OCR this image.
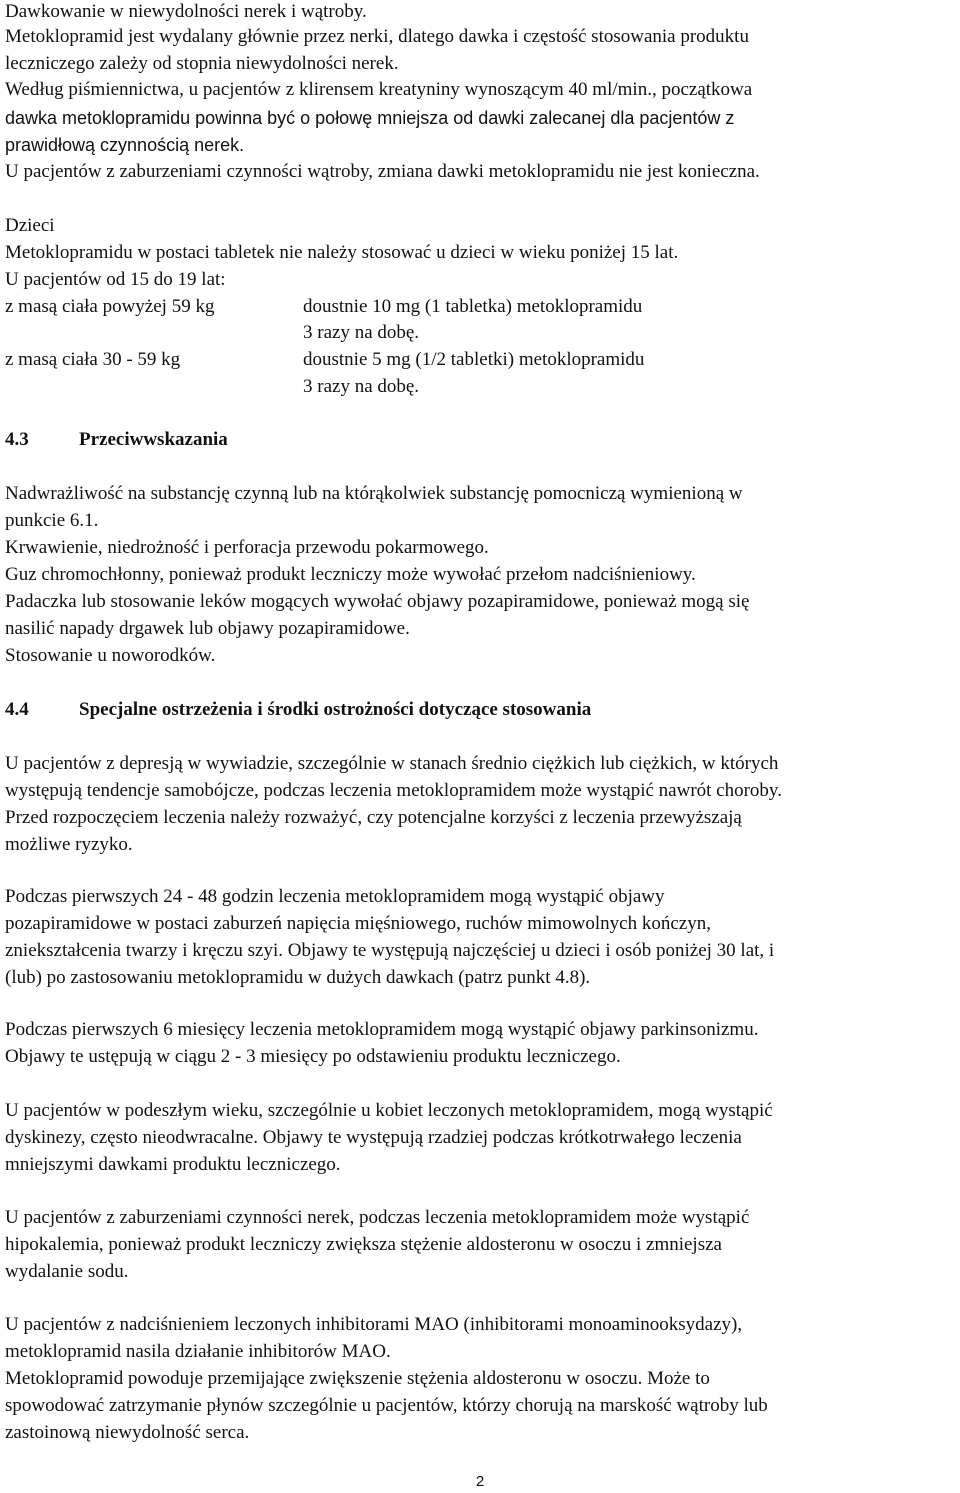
Dawkowanie w niewydolności nerek i wątroby.
Metoklopramid jest wydalany głównie przez nerki, dlatego dawka i częstość stosowania produktu
leczniczego zależy od stopnia niewydolności nerek.
Według piśmiennictwa, u pacjentów z klirensem kreatyniny wynoszącym 40 ml/min., początkowa
dawka metoklopramidu powinna być o połowę mniejsza od dawki zalecanej dla pacjentów z
prawidłową czynnością nerek.
U pacjentów z zaburzeniami czynności wątroby, zmiana dawki metoklopramidu nie jest konieczna.
Dzieci
Metoklopramidu w postaci tabletek nie należy stosować u dzieci w wieku poniżej 15 lat.
U pacjentów od 15 do 19 lat:
z masą ciała powyżej 59 kg	doustnie 10 mg (1 tabletka) metoklopramidu
3 razy na dobę.
z masą ciała 30 - 59 kg	doustnie 5 mg (1/2 tabletki) metoklopramidu
3 razy na dobę.
4.3	Przeciwwskazania
Nadwrażliwość na substancję czynną lub na którąkolwiek substancję pomocniczą wymienioną w
punkcie 6.1.
Krwawienie, niedrożność i perforacja przewodu pokarmowego.
Guz chromochłonny, ponieważ produkt leczniczy może wywołać przełom nadciśnieniowy.
Padaczka lub stosowanie leków mogących wywołać objawy pozapiramidowe, ponieważ mogą się
nasilić napady drgawek lub objawy pozapiramidowe.
Stosowanie u noworodków.
4.4	Specjalne ostrzeżenia i środki ostrożności dotyczące stosowania
U pacjentów z depresją w wywiadzie, szczególnie w stanach średnio ciężkich lub ciężkich, w których
występują tendencje samobójcze, podczas leczenia metoklopramidem może wystąpić nawrót choroby.
Przed rozpoczęciem leczenia należy rozważyć, czy potencjalne korzyści z leczenia przewyższają
możliwe ryzyko.
Podczas pierwszych 24 - 48 godzin leczenia metoklopramidem mogą wystąpić objawy
pozapiramidowe w postaci zaburzeń napięcia mięśniowego, ruchów mimowolnych kończyn,
zniekształcenia twarzy i kręczu szyi. Objawy te występują najczęściej u dzieci i osób poniżej 30 lat, i
(lub) po zastosowaniu metoklopramidu w dużych dawkach (patrz punkt 4.8).
Podczas pierwszych 6 miesięcy leczenia metoklopramidem mogą wystąpić objawy parkinsonizmu.
Objawy te ustępują w ciągu 2 - 3 miesięcy po odstawieniu produktu leczniczego.
U pacjentów w podeszłym wieku, szczególnie u kobiet leczonych metoklopramidem, mogą wystąpić
dyskinezy, często nieodwracalne. Objawy te występują rzadziej podczas krótkotrwałego leczenia
mniejszymi dawkami produktu leczniczego.
U pacjentów z zaburzeniami czynności nerek, podczas leczenia metoklopramidem może wystąpić
hipokalemia, ponieważ produkt leczniczy zwiększa stężenie aldosteronu w osoczu i zmniejsza
wydalanie sodu.
U pacjentów z nadciśnieniem leczonych inhibitorami MAO (inhibitorami monoaminooksydazy),
metoklopramid nasila działanie inhibitorów MAO.
Metoklopramid powoduje przemijające zwiększenie stężenia aldosteronu w osoczu. Może to
spowodować zatrzymanie płynów szczególnie u pacjentów, którzy chorują na marskość wątroby lub
zastoinową niewydolność serca.
2
